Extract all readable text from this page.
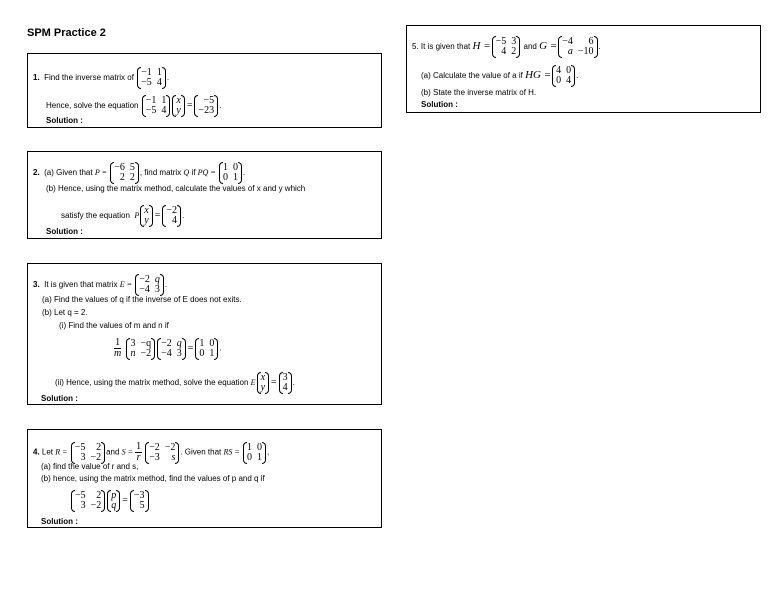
SPM Practice 2
1. Find the inverse matrix of −1 1
−5 4 .
Hence, solve the equation −1 1
−5 4
x
y =	−5
−23 .
Solution :
2. (a) Given that P = −6 5
2 2 , find matrix Q if PQ = 1 0
0 1 .
(b) Hence, using the matrix method, calculate the values of x and y which
satisfy the equation P x
y = −2
4 .
Solution :
3. It is given that matrix E = −2 q
−4 3 .
(a) Find the values of q if the inverse of E does not exits.
(b) Let q = 2.
(i) Find the values of m and n if
$\frac{1}{m}$
3 −q
n −2
−2 q
−4 3 = 1 0
0 1 .
(ii) Hence, using the matrix method, solve the equation E x
y = 3
4 .
Solution :
4. Let R = −5	2
3 −2 and $S = \frac{1}{r} -2 -2$
−3	s . Given that RS = 1 0
0 1 ,
(a) find the value of r and s,
(b) hence, using the matrix method, find the values of p and q if
−5	2
3 −2
p
q = −3
5
Solution :
5. It is given that H = −5 3
4 2 and G = −4	6
a −10 .
(a) Calculate the value of a if HG = 4 0
0 4 .
(b) State the inverse matrix of H.
Solution :
